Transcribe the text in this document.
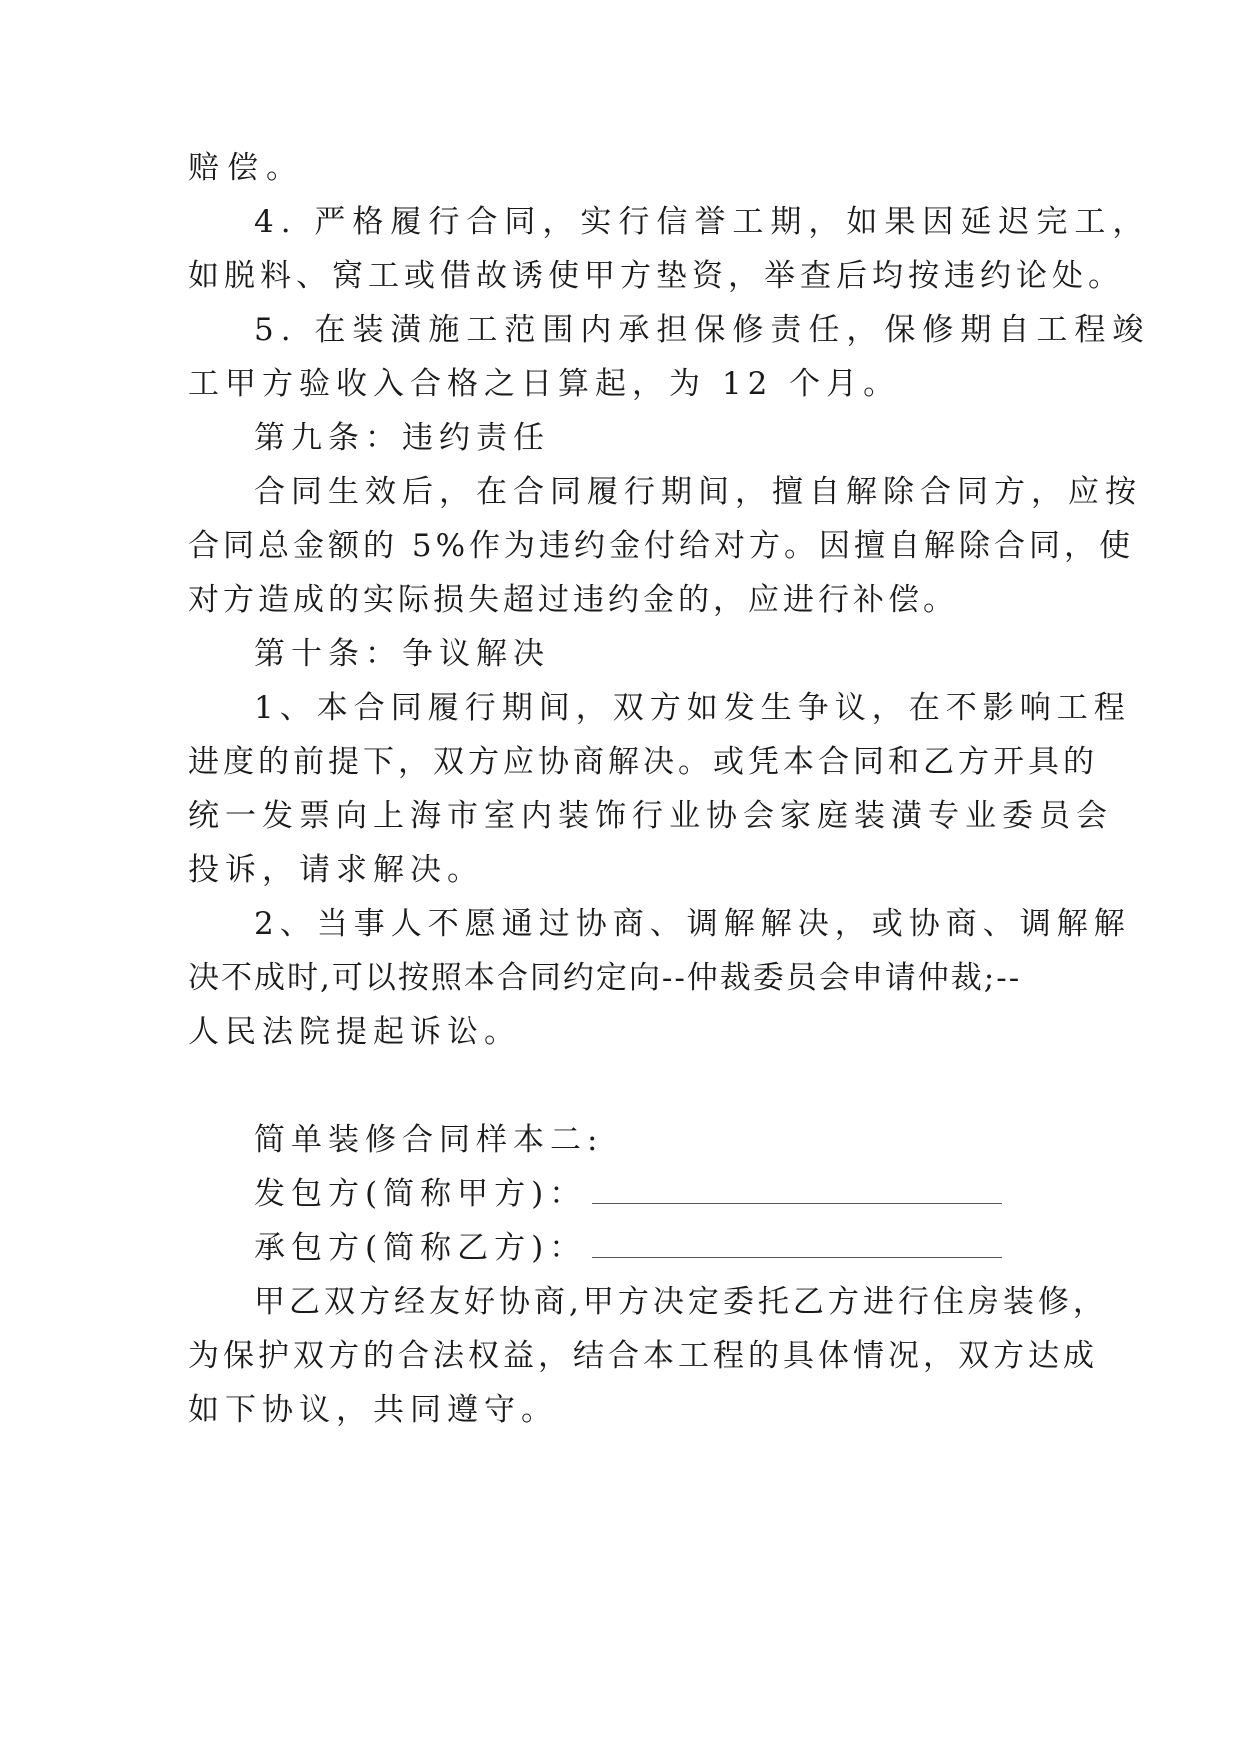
赔偿。
4. 严格履行合同，实行信誉工期，如果因延迟完工，
如脱料、窝工或借故诱使甲方垫资，举查后均按违约论处。
5. 在装潢施工范围内承担保修责任，保修期自工程竣
工甲方验收入合格之日算起，为 12 个月。
第九条：违约责任
合同生效后，在合同履行期间，擅自解除合同方，应按
合同总金额的 5%作为违约金付给对方。因擅自解除合同，使
对方造成的实际损失超过违约金的，应进行补偿。
第十条：争议解决
1、本合同履行期间，双方如发生争议，在不影响工程
进度的前提下，双方应协商解决。或凭本合同和乙方开具的
统一发票向上海市室内装饰行业协会家庭装潢专业委员会
投诉，请求解决。
2、当事人不愿通过协商、调解解决，或协商、调解解
决不成时,可以按照本合同约定向--仲裁委员会申请仲裁;--
人民法院提起诉讼。
简单装修合同样本二:
发包方(简称甲方)：
承包方(简称乙方)：
甲乙双方经友好协商,甲方决定委托乙方进行住房装修，
为保护双方的合法权益，结合本工程的具体情况，双方达成
如下协议，共同遵守。
